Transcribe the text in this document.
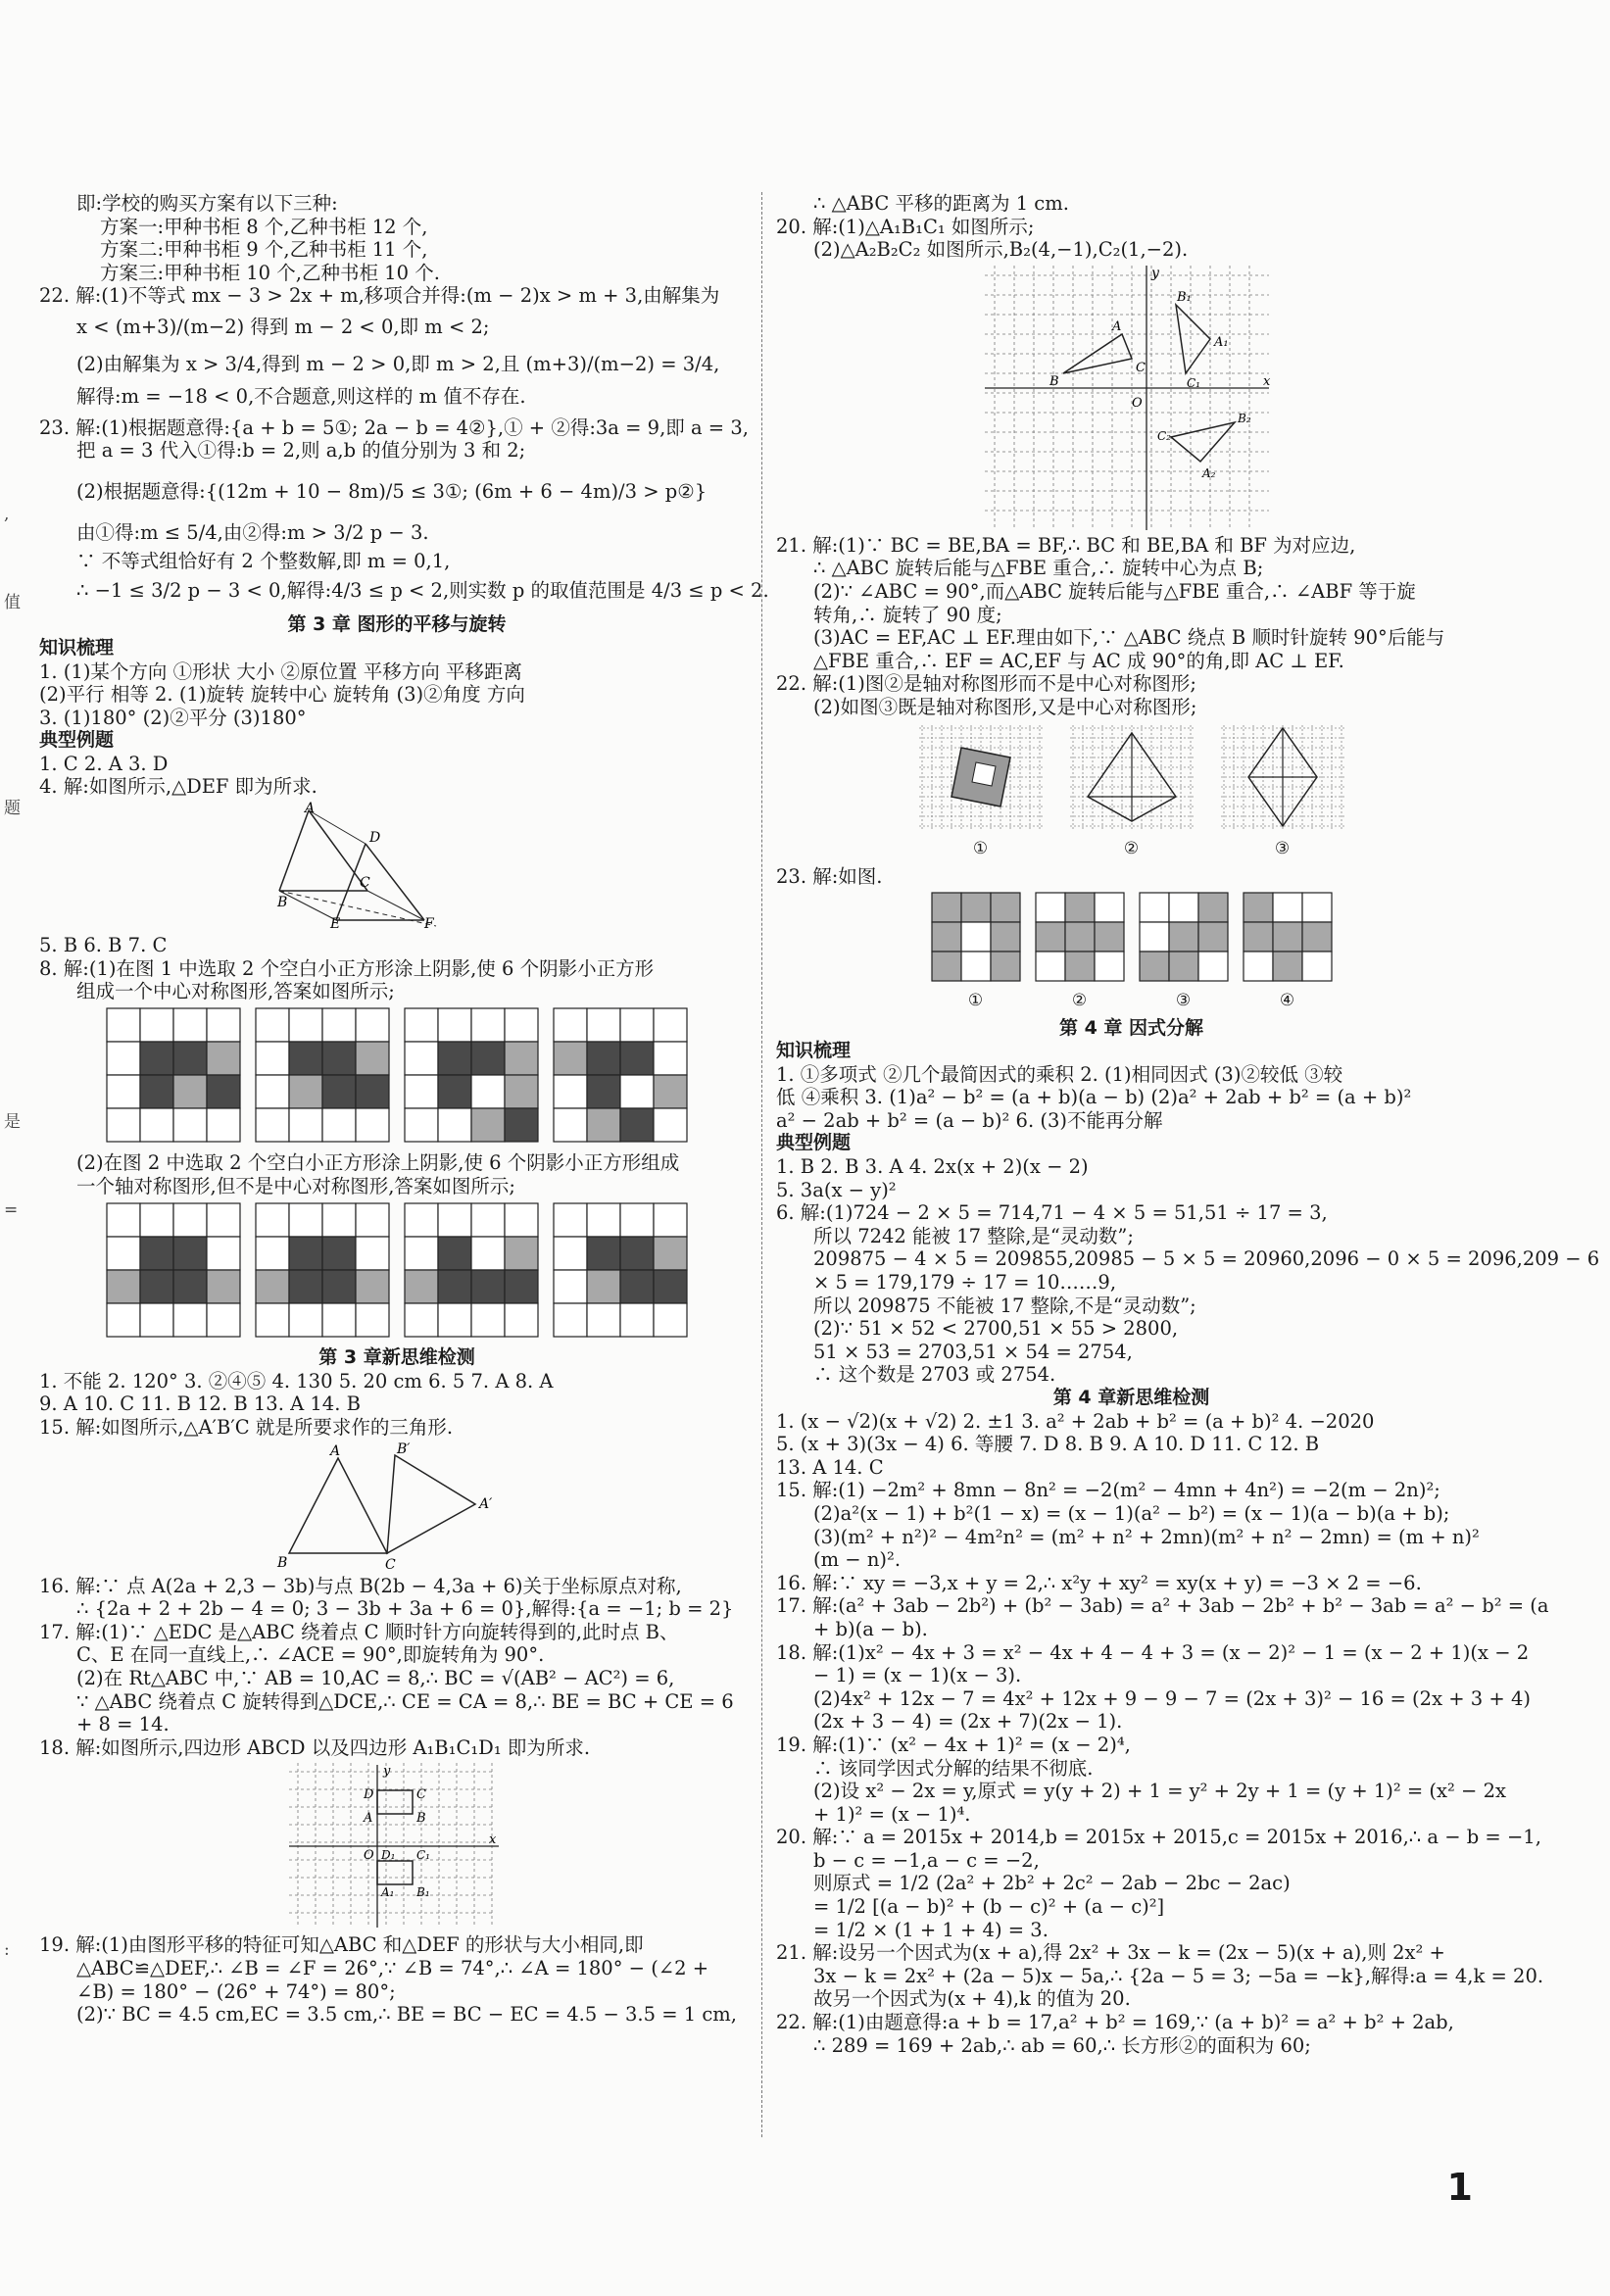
,
值
题
是
=
:
即:学校的购买方案有以下三种:
方案一:甲种书柜 8 个,乙种书柜 12 个,
方案二:甲种书柜 9 个,乙种书柜 11 个,
方案三:甲种书柜 10 个,乙种书柜 10 个.
22. 解:(1)不等式 mx − 3 > 2x + m,移项合并得:(m − 2)x > m + 3,由解集为
x < (m+3)/(m−2) 得到 m − 2 < 0,即 m < 2;
(2)由解集为 x > 3/4,得到 m − 2 > 0,即 m > 2,且 (m+3)/(m−2) = 3/4,
解得:m = −18 < 0,不合题意,则这样的 m 值不存在.
23. 解:(1)根据题意得:{a + b = 5①; 2a − b = 4②},① + ②得:3a = 9,即 a = 3,
把 a = 3 代入①得:b = 2,则 a,b 的值分别为 3 和 2;
(2)根据题意得:{(12m + 10 − 8m)/5 ≤ 3①; (6m + 6 − 4m)/3 > p②}
由①得:m ≤ 5/4,由②得:m > 3/2 p − 3.
∵ 不等式组恰好有 2 个整数解,即 m = 0,1,
∴ −1 ≤ 3/2 p − 3 < 0,解得:4/3 ≤ p < 2,则实数 p 的取值范围是 4/3 ≤ p < 2.
第 3 章 图形的平移与旋转
知识梳理
1. (1)某个方向 ①形状 大小 ②原位置 平移方向 平移距离
(2)平行 相等 2. (1)旋转 旋转中心 旋转角 (3)②角度 方向
3. (1)180° (2)②平分 (3)180°
典型例题
1. C 2. A 3. D
4. 解:如图所示,△DEF 即为所求.
A
D
B
C
E	F
5. B 6. B 7. C
8. 解:(1)在图 1 中选取 2 个空白小正方形涂上阴影,使 6 个阴影小正方形
组成一个中心对称图形,答案如图所示;
(2)在图 2 中选取 2 个空白小正方形涂上阴影,使 6 个阴影小正方形组成
一个轴对称图形,但不是中心对称图形,答案如图所示;
第 3 章新思维检测
1. 不能 2. 120° 3. ②④⑤ 4. 130 5. 20 cm 6. 5 7. A 8. A
9. A 10. C 11. B 12. B 13. A 14. B
15. 解:如图所示,△A′B′C 就是所要求作的三角形.
A	B′
A′
B	C
16. 解:∵ 点 A(2a + 2,3 − 3b)与点 B(2b − 4,3a + 6)关于坐标原点对称,
∴ {2a + 2 + 2b − 4 = 0; 3 − 3b + 3a + 6 = 0},解得:{a = −1; b = 2}
17. 解:(1)∵ △EDC 是△ABC 绕着点 C 顺时针方向旋转得到的,此时点 B、
C、E 在同一直线上,∴ ∠ACE = 90°,即旋转角为 90°.
(2)在 Rt△ABC 中,∵ AB = 10,AC = 8,∴ BC = √(AB² − AC²) = 6,
∵ △ABC 绕着点 C 旋转得到△DCE,∴ CE = CA = 8,∴ BE = BC + CE = 6
+ 8 = 14.
18. 解:如图所示,四边形 ABCD 以及四边形 A₁B₁C₁D₁ 即为所求.
y
D	C
A	B
O D₁
A₁
C₁
B₁
x
19. 解:(1)由图形平移的特征可知△ABC 和△DEF 的形状与大小相同,即
△ABC≌△DEF,∴ ∠B = ∠F = 26°,∵ ∠B = 74°,∴ ∠A = 180° − (∠2 +
∠B) = 180° − (26° + 74°) = 80°;
(2)∵ BC = 4.5 cm,EC = 3.5 cm,∴ BE = BC − EC = 4.5 − 3.5 = 1 cm,
∴ △ABC 平移的距离为 1 cm.
20. 解:(1)△A₁B₁C₁ 如图所示;
(2)△A₂B₂C₂ 如图所示,B₂(4,−1),C₂(1,−2).
y
B₁
A
A₁
C
B	C₁
O
x
C₂
B₂
A₂
21. 解:(1)∵ BC = BE,BA = BF,∴ BC 和 BE,BA 和 BF 为对应边,
∴ △ABC 旋转后能与△FBE 重合,∴ 旋转中心为点 B;
(2)∵ ∠ABC = 90°,而△ABC 旋转后能与△FBE 重合,∴ ∠ABF 等于旋
转角,∴ 旋转了 90 度;
(3)AC = EF,AC ⊥ EF.理由如下,∵ △ABC 绕点 B 顺时针旋转 90°后能与
△FBE 重合,∴ EF = AC,EF 与 AC 成 90°的角,即 AC ⊥ EF.
22. 解:(1)图②是轴对称图形而不是中心对称图形;
(2)如图③既是轴对称图形,又是中心对称图形;
①	②	③
23. 解:如图.
①	②	③	④
第 4 章 因式分解
知识梳理
1. ①多项式 ②几个最简因式的乘积 2. (1)相同因式 (3)②较低 ③较
低 ④乘积 3. (1)a² − b² = (a + b)(a − b) (2)a² + 2ab + b² = (a + b)²
a² − 2ab + b² = (a − b)² 6. (3)不能再分解
典型例题
1. B 2. B 3. A 4. 2x(x + 2)(x − 2)
5. 3a(x − y)²
6. 解:(1)724 − 2 × 5 = 714,71 − 4 × 5 = 51,51 ÷ 17 = 3,
所以 7242 能被 17 整除,是“灵动数”;
209875 − 4 × 5 = 209855,20985 − 5 × 5 = 20960,2096 − 0 × 5 = 2096,209 − 6
× 5 = 179,179 ÷ 17 = 10……9,
所以 209875 不能被 17 整除,不是“灵动数”;
(2)∵ 51 × 52 < 2700,51 × 55 > 2800,
51 × 53 = 2703,51 × 54 = 2754,
∴ 这个数是 2703 或 2754.
第 4 章新思维检测
1. (x − √2)(x + √2) 2. ±1 3. a² + 2ab + b² = (a + b)² 4. −2020
5. (x + 3)(3x − 4) 6. 等腰 7. D 8. B 9. A 10. D 11. C 12. B
13. A 14. C
15. 解:(1) −2m² + 8mn − 8n² = −2(m² − 4mn + 4n²) = −2(m − 2n)²;
(2)a²(x − 1) + b²(1 − x) = (x − 1)(a² − b²) = (x − 1)(a − b)(a + b);
(3)(m² + n²)² − 4m²n² = (m² + n² + 2mn)(m² + n² − 2mn) = (m + n)²
(m − n)².
16. 解:∵ xy = −3,x + y = 2,∴ x²y + xy² = xy(x + y) = −3 × 2 = −6.
17. 解:(a² + 3ab − 2b²) + (b² − 3ab) = a² + 3ab − 2b² + b² − 3ab = a² − b² = (a
+ b)(a − b).
18. 解:(1)x² − 4x + 3 = x² − 4x + 4 − 4 + 3 = (x − 2)² − 1 = (x − 2 + 1)(x − 2
− 1) = (x − 1)(x − 3).
(2)4x² + 12x − 7 = 4x² + 12x + 9 − 9 − 7 = (2x + 3)² − 16 = (2x + 3 + 4)
(2x + 3 − 4) = (2x + 7)(2x − 1).
19. 解:(1)∵ (x² − 4x + 1)² = (x − 2)⁴,
∴ 该同学因式分解的结果不彻底.
(2)设 x² − 2x = y,原式 = y(y + 2) + 1 = y² + 2y + 1 = (y + 1)² = (x² − 2x
+ 1)² = (x − 1)⁴.
20. 解:∵ a = 2015x + 2014,b = 2015x + 2015,c = 2015x + 2016,∴ a − b = −1,
b − c = −1,a − c = −2,
则原式 = 1/2 (2a² + 2b² + 2c² − 2ab − 2bc − 2ac)
= 1/2 [(a − b)² + (b − c)² + (a − c)²]
= 1/2 × (1 + 1 + 4) = 3.
21. 解:设另一个因式为(x + a),得 2x² + 3x − k = (2x − 5)(x + a),则 2x² +
3x − k = 2x² + (2a − 5)x − 5a,∴ {2a − 5 = 3; −5a = −k},解得:a = 4,k = 20.
故另一个因式为(x + 4),k 的值为 20.
22. 解:(1)由题意得:a + b = 17,a² + b² = 169,∵ (a + b)² = a² + b² + 2ab,
∴ 289 = 169 + 2ab,∴ ab = 60,∴ 长方形②的面积为 60;
1
